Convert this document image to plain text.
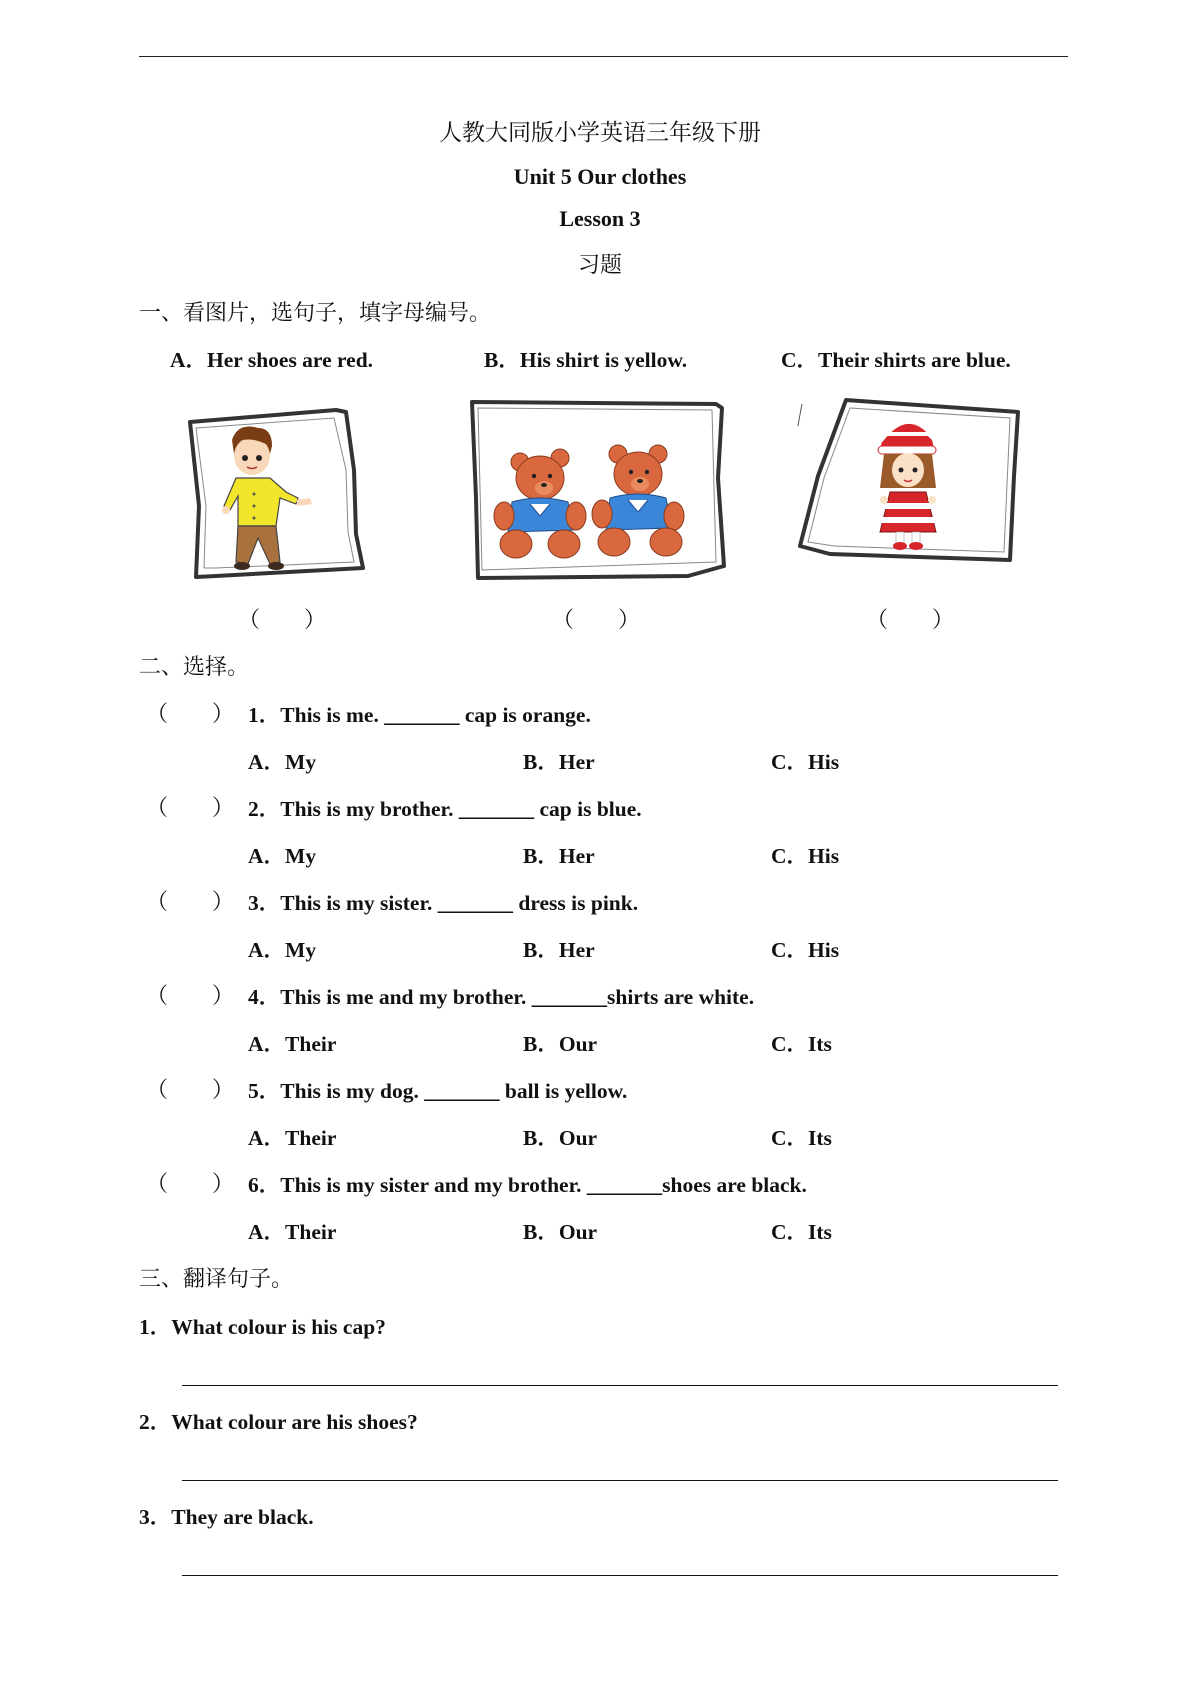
人教大同版小学英语三年级下册
Unit 5 Our clothes
Lesson 3
习题
一、看图片，选句子，填字母编号。
A．Her shoes are red.	B．His shirt is yellow.	C．Their shirts are blue.
（　　）	（　　）	（　　）
二、选择。
（　　） 1．This is me. _______ cap is orange.
A．My	B．Her	C．His
（　　） 2．This is my brother. _______ cap is blue.
A．My	B．Her	C．His
（　　） 3．This is my sister. _______ dress is pink.
A．My	B．Her	C．His
（　　） 4．This is me and my brother. _______shirts are white.
A．Their	B．Our	C．Its
（　　） 5．This is my dog. _______ ball is yellow.
A．Their	B．Our	C．Its
（　　） 6．This is my sister and my brother. _______shoes are black.
A．Their	B．Our	C．Its
三、翻译句子。
1．What colour is his cap?
2．What colour are his shoes?
3．They are black.
